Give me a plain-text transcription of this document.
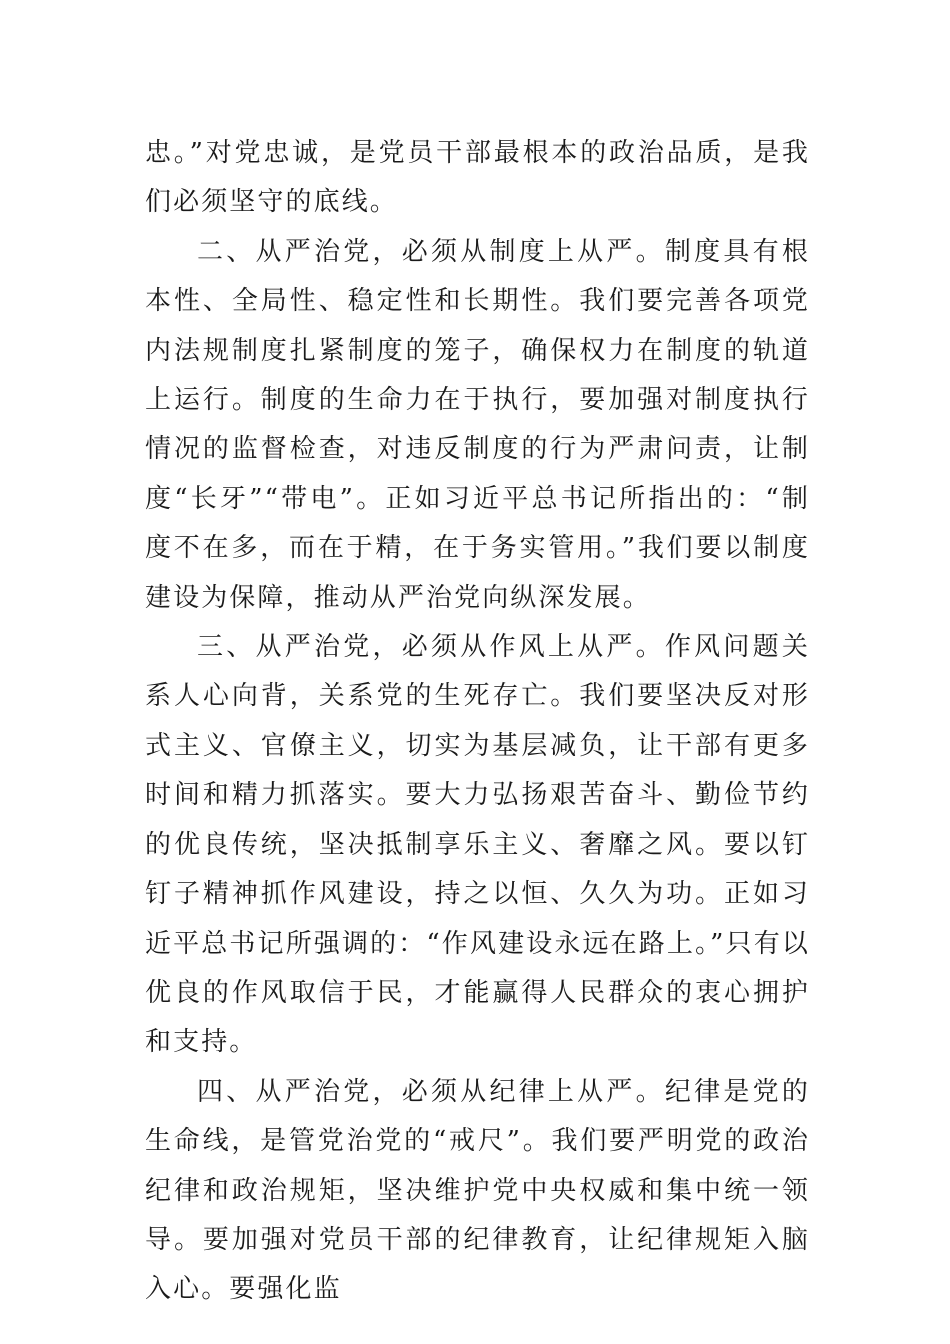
忠。”对党忠诚，是党员干部最根本的政治品质，是我们必须坚守的底线。

二、从严治党，必须从制度上从严。制度具有根本性、全局性、稳定性和长期性。我们要完善各项党内法规制度扎紧制度的笼子，确保权力在制度的轨道上运行。制度的生命力在于执行，要加强对制度执行情况的监督检查，对违反制度的行为严肃问责，让制度“长牙”“带电”。正如习近平总书记所指出的：“制度不在多，而在于精，在于务实管用。”我们要以制度建设为保障，推动从严治党向纵深发展。

三、从严治党，必须从作风上从严。作风问题关系人心向背，关系党的生死存亡。我们要坚决反对形式主义、官僚主义，切实为基层减负，让干部有更多时间和精力抓落实。要大力弘扬艰苦奋斗、勤俭节约的优良传统，坚决抵制享乐主义、奢靡之风。要以钉钉子精神抓作风建设，持之以恒、久久为功。正如习近平总书记所强调的：“作风建设永远在路上。”只有以优良的作风取信于民，才能赢得人民群众的衷心拥护和支持。

四、从严治党，必须从纪律上从严。纪律是党的生命线，是管党治党的“戒尺”。我们要严明党的政治纪律和政治规矩，坚决维护党中央权威和集中统一领导。要加强对党员干部的纪律教育，让纪律规矩入脑入心。要强化监
